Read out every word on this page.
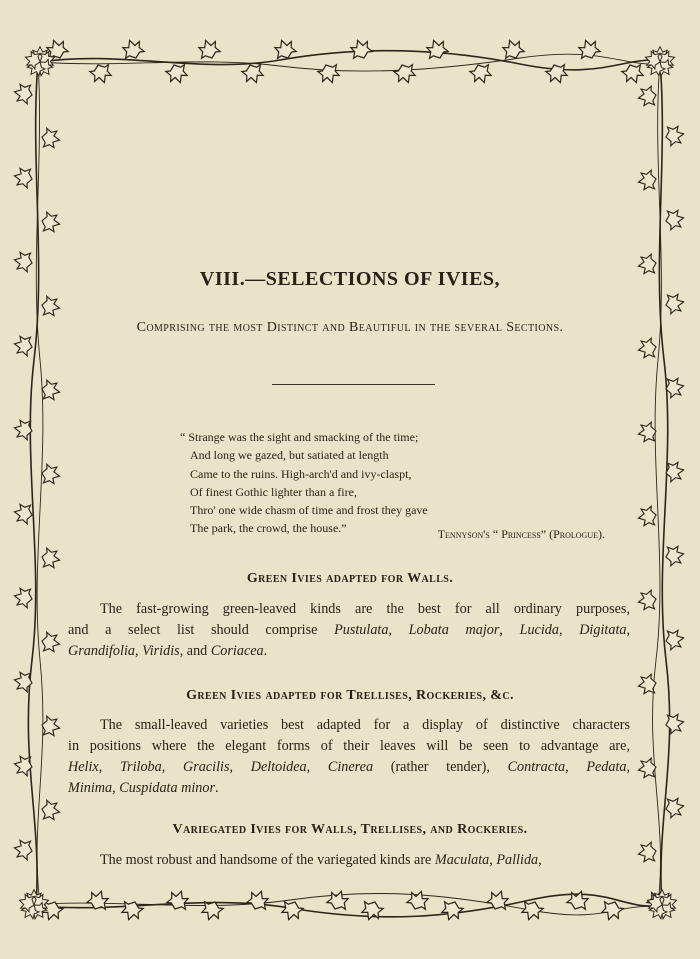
VIII.—SELECTIONS OF IVIES,

Comprising the most Distinct and Beautiful in the several Sections.

“ Strange was the sight and smacking of the time;
And long we gazed, but satiated at length
Came to the ruins. High-arch'd and ivy-claspt,
Of finest Gothic lighter than a fire,
Thro' one wide chasm of time and frost they gave
The park, the crowd, the house.”	Tennyson's “ Princess” (Prologue).
Green Ivies adapted for Walls.
The fast-growing green-leaved kinds are the best for all ordinary purposes,
and a select list should comprise Pustulata, Lobata major, Lucida, Digitata,
Grandifolia, Viridis, and Coriacea.
Green Ivies adapted for Trellises, Rockeries, &c.
The small-leaved varieties best adapted for a display of distinctive characters
in positions where the elegant forms of their leaves will be seen to advantage are,
Helix, Triloba, Gracilis, Deltoidea, Cinerea (rather tender), Contracta, Pedata,
Minima, Cuspidata minor.
Variegated Ivies for Walls, Trellises, and Rockeries.
The most robust and handsome of the variegated kinds are Maculata, Pallida,
